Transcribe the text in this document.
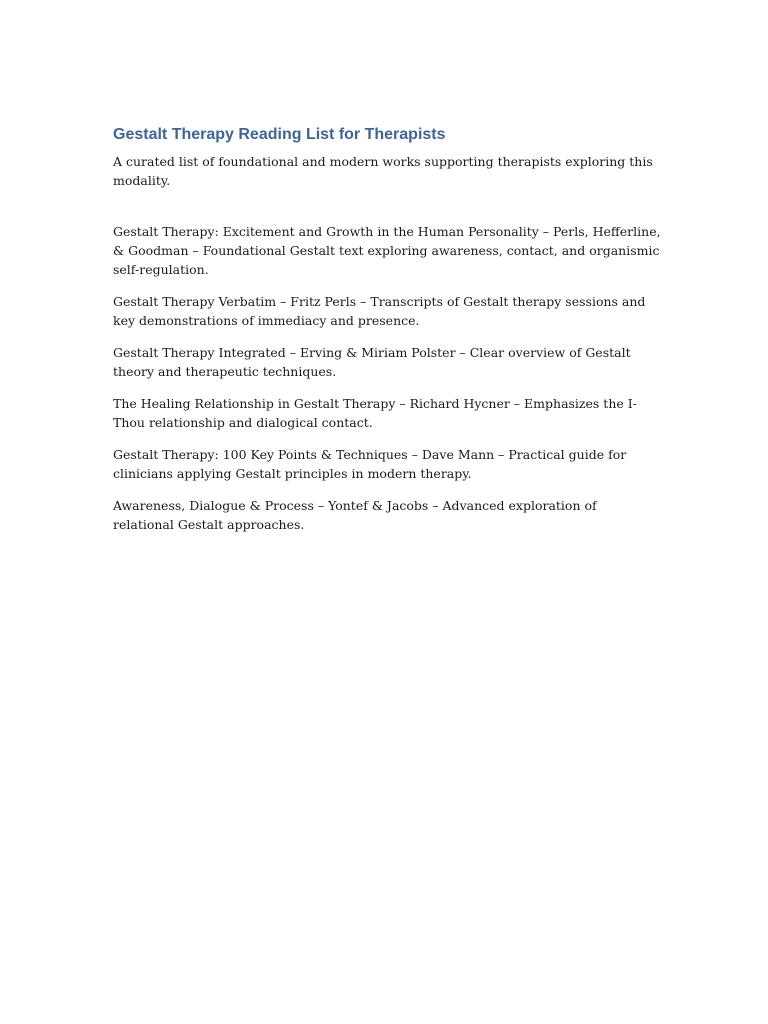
Gestalt Therapy Reading List for Therapists

A curated list of foundational and modern works supporting therapists exploring this modality.

Gestalt Therapy: Excitement and Growth in the Human Personality – Perls, Hefferline, & Goodman – Foundational Gestalt text exploring awareness, contact, and organismic self-regulation.

Gestalt Therapy Verbatim – Fritz Perls – Transcripts of Gestalt therapy sessions and key demonstrations of immediacy and presence.

Gestalt Therapy Integrated – Erving & Miriam Polster – Clear overview of Gestalt theory and therapeutic techniques.

The Healing Relationship in Gestalt Therapy – Richard Hycner – Emphasizes the I-Thou relationship and dialogical contact.

Gestalt Therapy: 100 Key Points & Techniques – Dave Mann – Practical guide for clinicians applying Gestalt principles in modern therapy.

Awareness, Dialogue & Process – Yontef & Jacobs – Advanced exploration of relational Gestalt approaches.
